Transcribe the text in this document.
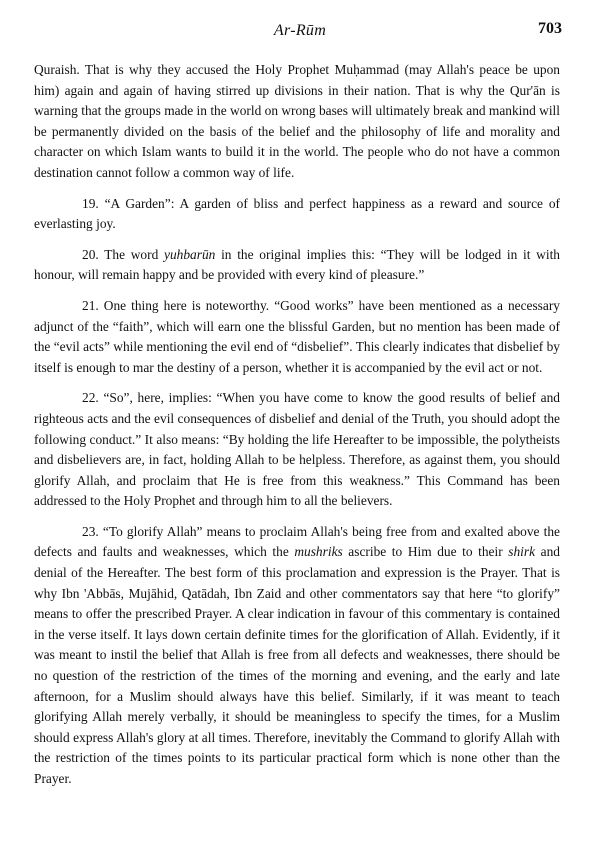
Ar-Rūm	703

Quraish. That is why they accused the Holy Prophet Muḥammad (may Allah's peace be upon him) again and again of having stirred up divisions in their nation. That is why the Qur'ān is warning that the groups made in the world on wrong bases will ultimately break and mankind will be permanently divided on the basis of the belief and the philosophy of life and morality and character on which Islam wants to build it in the world. The people who do not have a common destination cannot follow a common way of life.

19. “A Garden”: A garden of bliss and perfect happiness as a reward and source of everlasting joy.

20. The word yuhbarūn in the original implies this: “They will be lodged in it with honour, will remain happy and be provided with every kind of pleasure.”

21. One thing here is noteworthy. “Good works” have been mentioned as a necessary adjunct of the “faith”, which will earn one the blissful Garden, but no mention has been made of the “evil acts” while mentioning the evil end of “disbelief”. This clearly indicates that disbelief by itself is enough to mar the destiny of a person, whether it is accompanied by the evil act or not.

22. “So”, here, implies: “When you have come to know the good results of belief and righteous acts and the evil consequences of disbelief and denial of the Truth, you should adopt the following conduct.” It also means: “By holding the life Hereafter to be impossible, the polytheists and disbelievers are, in fact, holding Allah to be helpless. Therefore, as against them, you should glorify Allah, and proclaim that He is free from this weakness.” This Command has been addressed to the Holy Prophet and through him to all the believers.

23. “To glorify Allah” means to proclaim Allah's being free from and exalted above the defects and faults and weaknesses, which the mushriks ascribe to Him due to their shirk and denial of the Hereafter. The best form of this proclamation and expression is the Prayer. That is why Ibn 'Abbās, Mujāhid, Qatādah, Ibn Zaid and other commentators say that here “to glorify” means to offer the prescribed Prayer. A clear indication in favour of this commentary is contained in the verse itself. It lays down certain definite times for the glorification of Allah. Evidently, if it was meant to instil the belief that Allah is free from all defects and weaknesses, there should be no question of the restriction of the times of the morning and evening, and the early and late afternoon, for a Muslim should always have this belief. Similarly, if it was meant to teach glorifying Allah merely verbally, it should be meaningless to specify the times, for a Muslim should express Allah's glory at all times. Therefore, inevitably the Command to glorify Allah with the restriction of the times points to its particular practical form which is none other than the Prayer.
